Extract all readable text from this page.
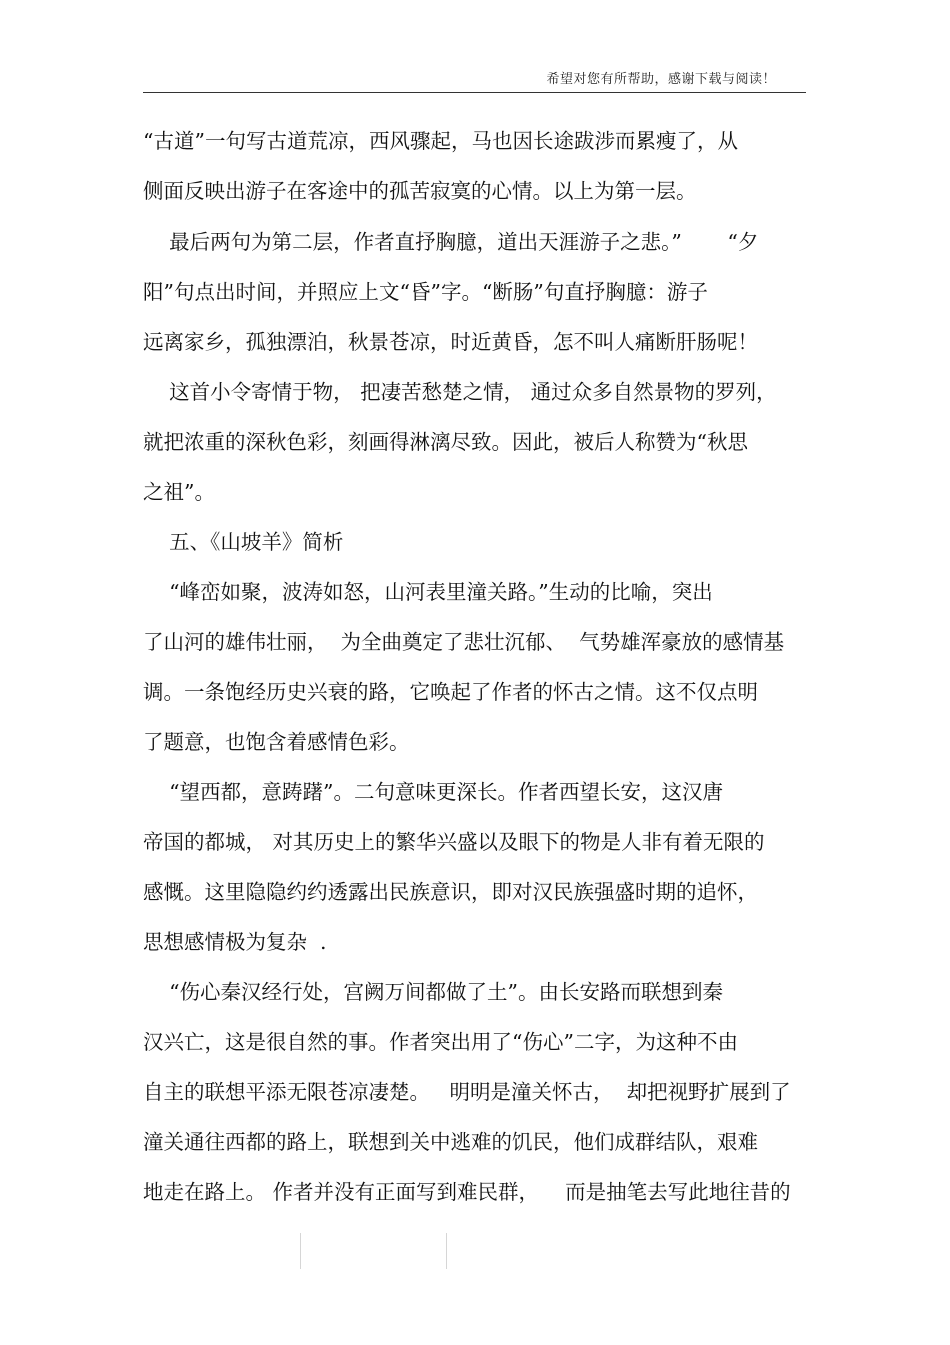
希望对您有所帮助，感谢下载与阅读！
“古道”一句写古道荒凉，西风骤起，马也因长途跋涉而累瘦了，从
侧面反映出游子在客途中的孤苦寂寞的心情。以上为第一层。
最后两句为第二层，作者直抒胸臆，道出天涯游子之悲。”       “夕
阳”句点出时间，并照应上文“昏”字。“断肠”句直抒胸臆：游子
远离家乡，孤独漂泊，秋景苍凉，时近黄昏，怎不叫人痛断肝肠呢！
这首小令寄情于物， 把凄苦愁楚之情， 通过众多自然景物的罗列，
就把浓重的深秋色彩，刻画得淋漓尽致。因此，被后人称赞为“秋思
之祖”。
五、《山坡羊》简析
“峰峦如聚，波涛如怒，山河表里潼关路。”生动的比喻，突出
了山河的雄伟壮丽，  为全曲奠定了悲壮沉郁、  气势雄浑豪放的感情基
调。一条饱经历史兴衰的路，它唤起了作者的怀古之情。这不仅点明
了题意，也饱含着感情色彩。
“望西都，意踌躇”。二句意味更深长。作者西望长安，这汉唐
帝国的都城， 对其历史上的繁华兴盛以及眼下的物是人非有着无限的
感慨。这里隐隐约约透露出民族意识，即对汉民族强盛时期的追怀，
思想感情极为复杂  .
“伤心秦汉经行处，宫阙万间都做了土”。由长安路而联想到秦
汉兴亡，这是很自然的事。作者突出用了“伤心”二字，为这种不由
自主的联想平添无限苍凉凄楚。   明明是潼关怀古，  却把视野扩展到了
潼关通往西都的路上，联想到关中逃难的饥民，他们成群结队，艰难
地走在路上。 作者并没有正面写到难民群，    而是抽笔去写此地往昔的
